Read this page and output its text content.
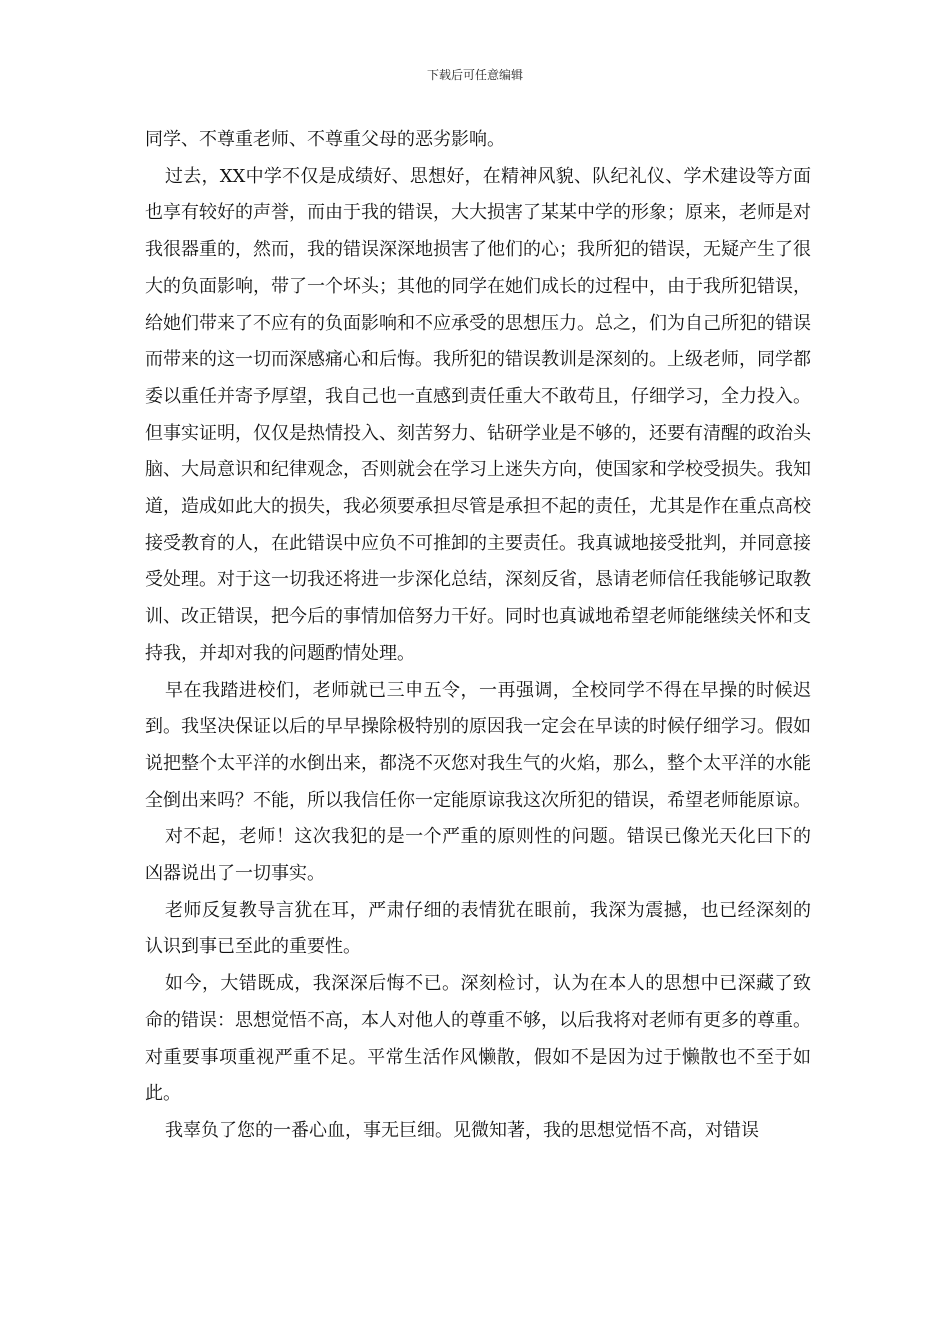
下载后可任意编辑

同学、不尊重老师、不尊重父母的恶劣影响。

过去，XX中学不仅是成绩好、思想好，在精神风貌、队纪礼仪、学术建设等方面也享有较好的声誉，而由于我的错误，大大损害了某某中学的形象；原来，老师是对我很器重的，然而，我的错误深深地损害了他们的心；我所犯的错误，无疑产生了很大的负面影响，带了一个坏头；其他的同学在她们成长的过程中，由于我所犯错误，给她们带来了不应有的负面影响和不应承受的思想压力。总之，们为自己所犯的错误而带来的这一切而深感痛心和后悔。我所犯的错误教训是深刻的。上级老师，同学都委以重任并寄予厚望，我自己也一直感到责任重大不敢苟且，仔细学习，全力投入。但事实证明，仅仅是热情投入、刻苦努力、钻研学业是不够的，还要有清醒的政治头脑、大局意识和纪律观念，否则就会在学习上迷失方向，使国家和学校受损失。我知道，造成如此大的损失，我必须要承担尽管是承担不起的责任，尤其是作在重点高校接受教育的人，在此错误中应负不可推卸的主要责任。我真诚地接受批判，并同意接受处理。对于这一切我还将进一步深化总结，深刻反省，恳请老师信任我能够记取教训、改正错误，把今后的事情加倍努力干好。同时也真诚地希望老师能继续关怀和支持我，并却对我的问题酌情处理。

早在我踏进校们，老师就已三申五令，一再强调，全校同学不得在早操的时候迟到。我坚决保证以后的早早操除极特别的原因我一定会在早读的时候仔细学习。假如说把整个太平洋的水倒出来，都浇不灭您对我生气的火焰，那么，整个太平洋的水能全倒出来吗？不能，所以我信任你一定能原谅我这次所犯的错误，希望老师能原谅。

对不起，老师！这次我犯的是一个严重的原则性的问题。错误已像光天化曰下的凶器说出了一切事实。

老师反复教导言犹在耳，严肃仔细的表情犹在眼前，我深为震撼，也已经深刻的认识到事已至此的重要性。

如今，大错既成，我深深后悔不已。深刻检讨，认为在本人的思想中已深藏了致命的错误：思想觉悟不高，本人对他人的尊重不够，以后我将对老师有更多的尊重。对重要事项重视严重不足。平常生活作风懒散，假如不是因为过于懒散也不至于如此。

我辜负了您的一番心血，事无巨细。见微知著，我的思想觉悟不高，对错误
